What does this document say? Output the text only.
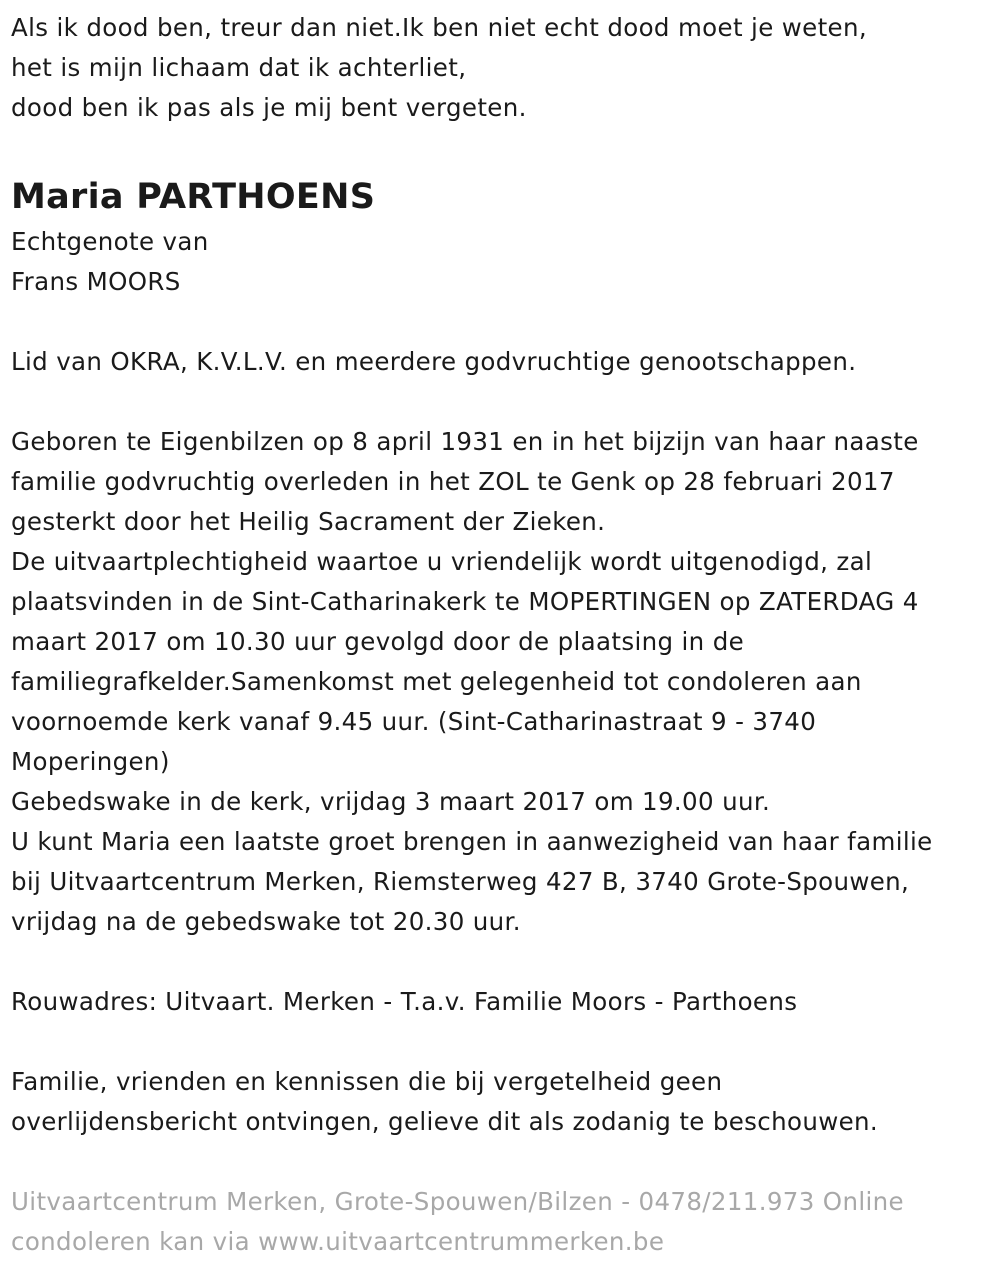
Als ik dood ben, treur dan niet.Ik ben niet echt dood moet je weten,
het is mijn lichaam dat ik achterliet,
dood ben ik pas als je mij bent vergeten.
Maria PARTHOENS
Echtgenote van
Frans MOORS
Lid van OKRA, K.V.L.V. en meerdere godvruchtige genootschappen.
Geboren te Eigenbilzen op 8 april 1931 en in het bijzijn van haar naaste
familie godvruchtig overleden in het ZOL te Genk op 28 februari 2017
gesterkt door het Heilig Sacrament der Zieken.
De uitvaartplechtigheid waartoe u vriendelijk wordt uitgenodigd, zal
plaatsvinden in de Sint-Catharinakerk te MOPERTINGEN op ZATERDAG 4
maart 2017 om 10.30 uur gevolgd door de plaatsing in de
familiegrafkelder.Samenkomst met gelegenheid tot condoleren aan
voornoemde kerk vanaf 9.45 uur. (Sint-Catharinastraat 9 - 3740
Moperingen)
Gebedswake in de kerk, vrijdag 3 maart 2017 om 19.00 uur.
U kunt Maria een laatste groet brengen in aanwezigheid van haar familie
bij Uitvaartcentrum Merken, Riemsterweg 427 B, 3740 Grote-Spouwen,
vrijdag na de gebedswake tot 20.30 uur.
Rouwadres: Uitvaart. Merken - T.a.v. Familie Moors - Parthoens
Familie, vrienden en kennissen die bij vergetelheid geen
overlijdensbericht ontvingen, gelieve dit als zodanig te beschouwen.
Uitvaartcentrum Merken, Grote-Spouwen/Bilzen - 0478/211.973 Online
condoleren kan via www.uitvaartcentrummerken.be
